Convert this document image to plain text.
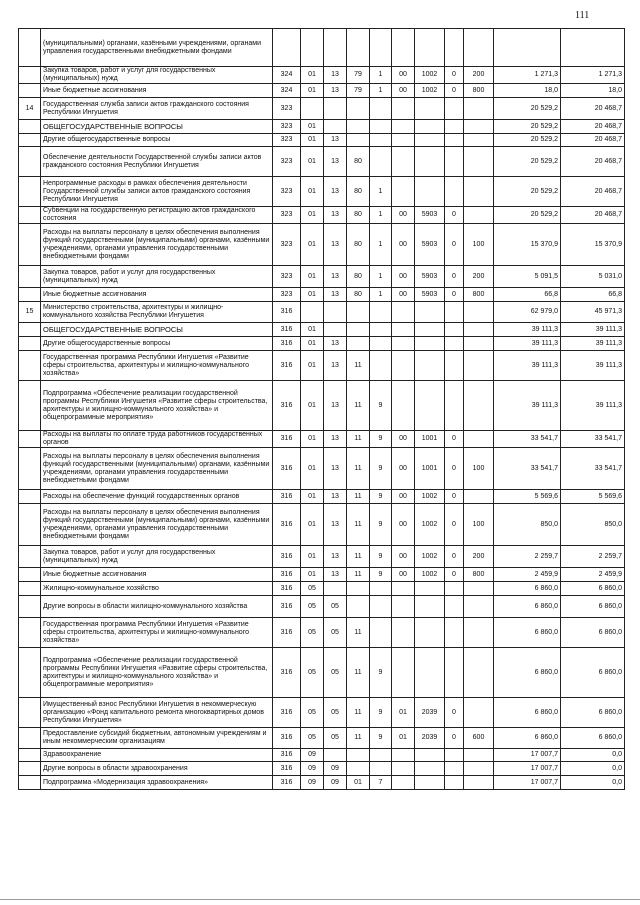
111
	(муниципальными) органами, казёнными учреждениями, органами управления государственными внебюджетными фондами											
	Закупка товаров, работ и услуг для государственных (муниципальных) нужд	324	01	13	79	1	00	1002	0	200	1 271,3	1 271,3
	Иные бюджетные ассигнования	324	01	13	79	1	00	1002	0	800	18,0	18,0
14	Государственная служба записи актов гражданского состояния Республики Ингушетия	323									20 529,2	20 468,7
	ОБЩЕГОСУДАРСТВЕННЫЕ ВОПРОСЫ	323	01								20 529,2	20 468,7
	Другие общегосударственные вопросы	323	01	13							20 529,2	20 468,7
	Обеспечение деятельности Государственной службы записи актов гражданского состояния Республики Ингушетия	323	01	13	80						20 529,2	20 468,7
	Непрограммные расходы в рамках обеспечения деятельности Государственной службы записи актов гражданского состояния Республики Ингушетия	323	01	13	80	1					20 529,2	20 468,7
	Субвенции на государственную регистрацию актов гражданского состояния	323	01	13	80	1	00	5903	0		20 529,2	20 468,7
	Расходы на выплаты персоналу в целях обеспечения выполнения функций государственными (муниципальными) органами, казёнными учреждениями, органами управления государственными внебюджетными фондами	323	01	13	80	1	00	5903	0	100	15 370,9	15 370,9
	Закупка товаров, работ и услуг для государственных (муниципальных) нужд	323	01	13	80	1	00	5903	0	200	5 091,5	5 031,0
	Иные бюджетные ассигнования	323	01	13	80	1	00	5903	0	800	66,8	66,8
15	Министерство строительства, архитектуры и жилищно-коммунального хозяйства Республики Ингушетия	316									62 979,0	45 971,3
	ОБЩЕГОСУДАРСТВЕННЫЕ ВОПРОСЫ	316	01								39 111,3	39 111,3
	Другие общегосударственные вопросы	316	01	13							39 111,3	39 111,3
	Государственная программа Республики Ингушетия «Развитие сферы строительства, архитектуры и жилищно-коммунального хозяйства»	316	01	13	11						39 111,3	39 111,3
	Подпрограмма «Обеспечение реализации государственной программы Республики Ингушетия «Развитие сферы строительства, архитектуры и жилищно-коммунального хозяйства» и общепрограммные мероприятия»	316	01	13	11	9					39 111,3	39 111,3
	Расходы на выплаты по оплате труда работников государственных органов	316	01	13	11	9	00	1001	0		33 541,7	33 541,7
	Расходы на выплаты персоналу в целях обеспечения выполнения функций государственными (муниципальными) органами, казёнными учреждениями, органами управления государственными внебюджетными фондами	316	01	13	11	9	00	1001	0	100	33 541,7	33 541,7
	Расходы на обеспечение функций государственных органов	316	01	13	11	9	00	1002	0		5 569,6	5 569,6
	Расходы на выплаты персоналу в целях обеспечения выполнения функций государственными (муниципальными) органами, казёнными учреждениями, органами управления государственными внебюджетными фондами	316	01	13	11	9	00	1002	0	100	850,0	850,0
	Закупка товаров, работ и услуг для государственных (муниципальных) нужд	316	01	13	11	9	00	1002	0	200	2 259,7	2 259,7
	Иные бюджетные ассигнования	316	01	13	11	9	00	1002	0	800	2 459,9	2 459,9
	Жилищно-коммунальное хозяйство	316	05								6 860,0	6 860,0
	Другие вопросы в области жилищно-коммунального хозяйства	316	05	05							6 860,0	6 860,0
	Государственная программа Республики Ингушетия «Развитие сферы строительства, архитектуры и жилищно-коммунального хозяйства»	316	05	05	11						6 860,0	6 860,0
	Подпрограмма «Обеспечение реализации государственной программы Республики Ингушетия «Развитие сферы строительства, архитектуры и жилищно-коммунального хозяйства» и общепрограммные мероприятия»	316	05	05	11	9					6 860,0	6 860,0
	Имущественный взнос Республики Ингушетия в некоммерческую организацию «Фонд капитального ремонта многоквартирных домов Республики Ингушетия»	316	05	05	11	9	01	2039	0		6 860,0	6 860,0
	Предоставление субсидий бюджетным, автономным учреждениям и иным некоммерческим организациям	316	05	05	11	9	01	2039	0	600	6 860,0	6 860,0
	Здравоохранение	316	09								17 007,7	0,0
	Другие вопросы в области здравоохранения	316	09	09							17 007,7	0,0
	Подпрограмма «Модернизация здравоохранения»	316	09	09	01	7					17 007,7	0,0
